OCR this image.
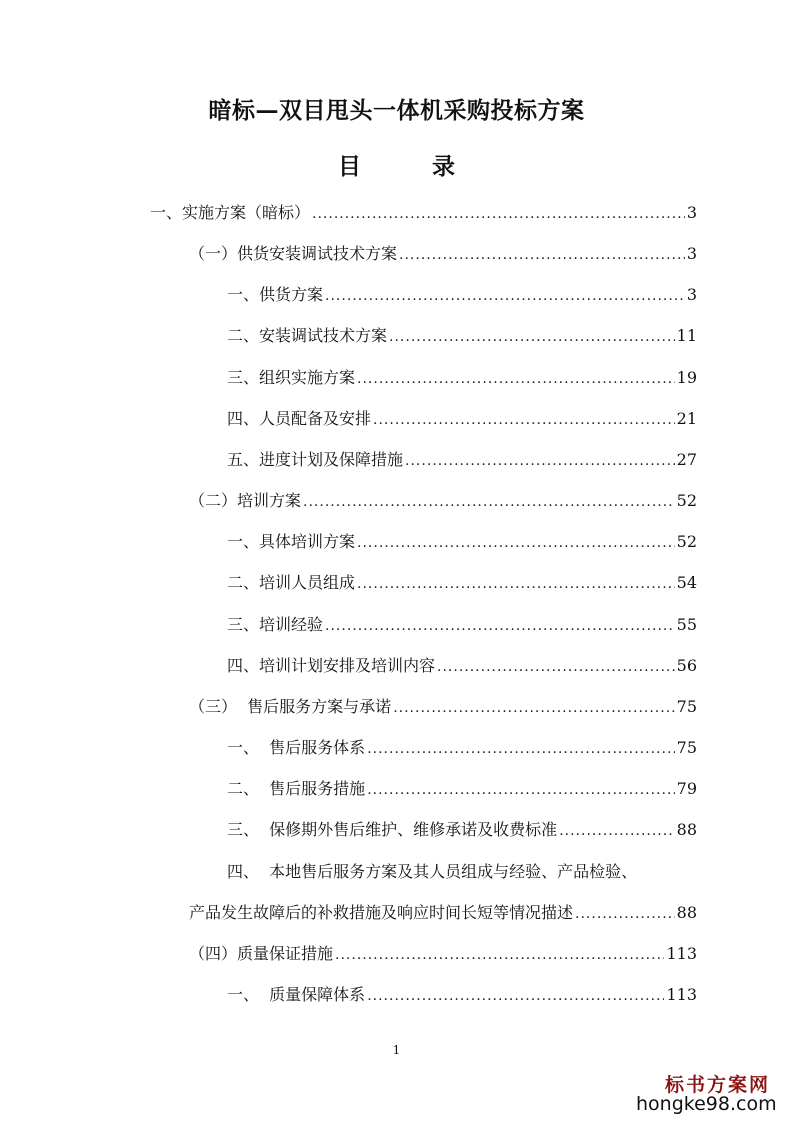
暗标—双目甩头一体机采购投标方案
目　录
一、实施方案（暗标） .....	3
（一）供货安装调试技术方案 .....	3
一、供货方案 .....	3
二、安装调试技术方案 .....	11
三、组织实施方案 .....	19
四、人员配备及安排 .....	21
五、进度计划及保障措施 .....	27
（二）培训方案 .....	52
一、具体培训方案 .....	52
二、培训人员组成 .....	54
三、培训经验 .....	55
四、培训计划安排及培训内容 .....	56
（三）  售后服务方案与承诺 .....	75
一、  售后服务体系 .....	75
二、  售后服务措施 .....	79
三、  保修期外售后维护、维修承诺及收费标准 .....	88
四、  本地售后服务方案及其人员组成与经验、产品检验、
产品发生故障后的补救措施及响应时间长短等情况描述 .....	88
（四）质量保证措施 .....	113
一、  质量保障体系 .....	113
1
标书方案网
hongke98.com
